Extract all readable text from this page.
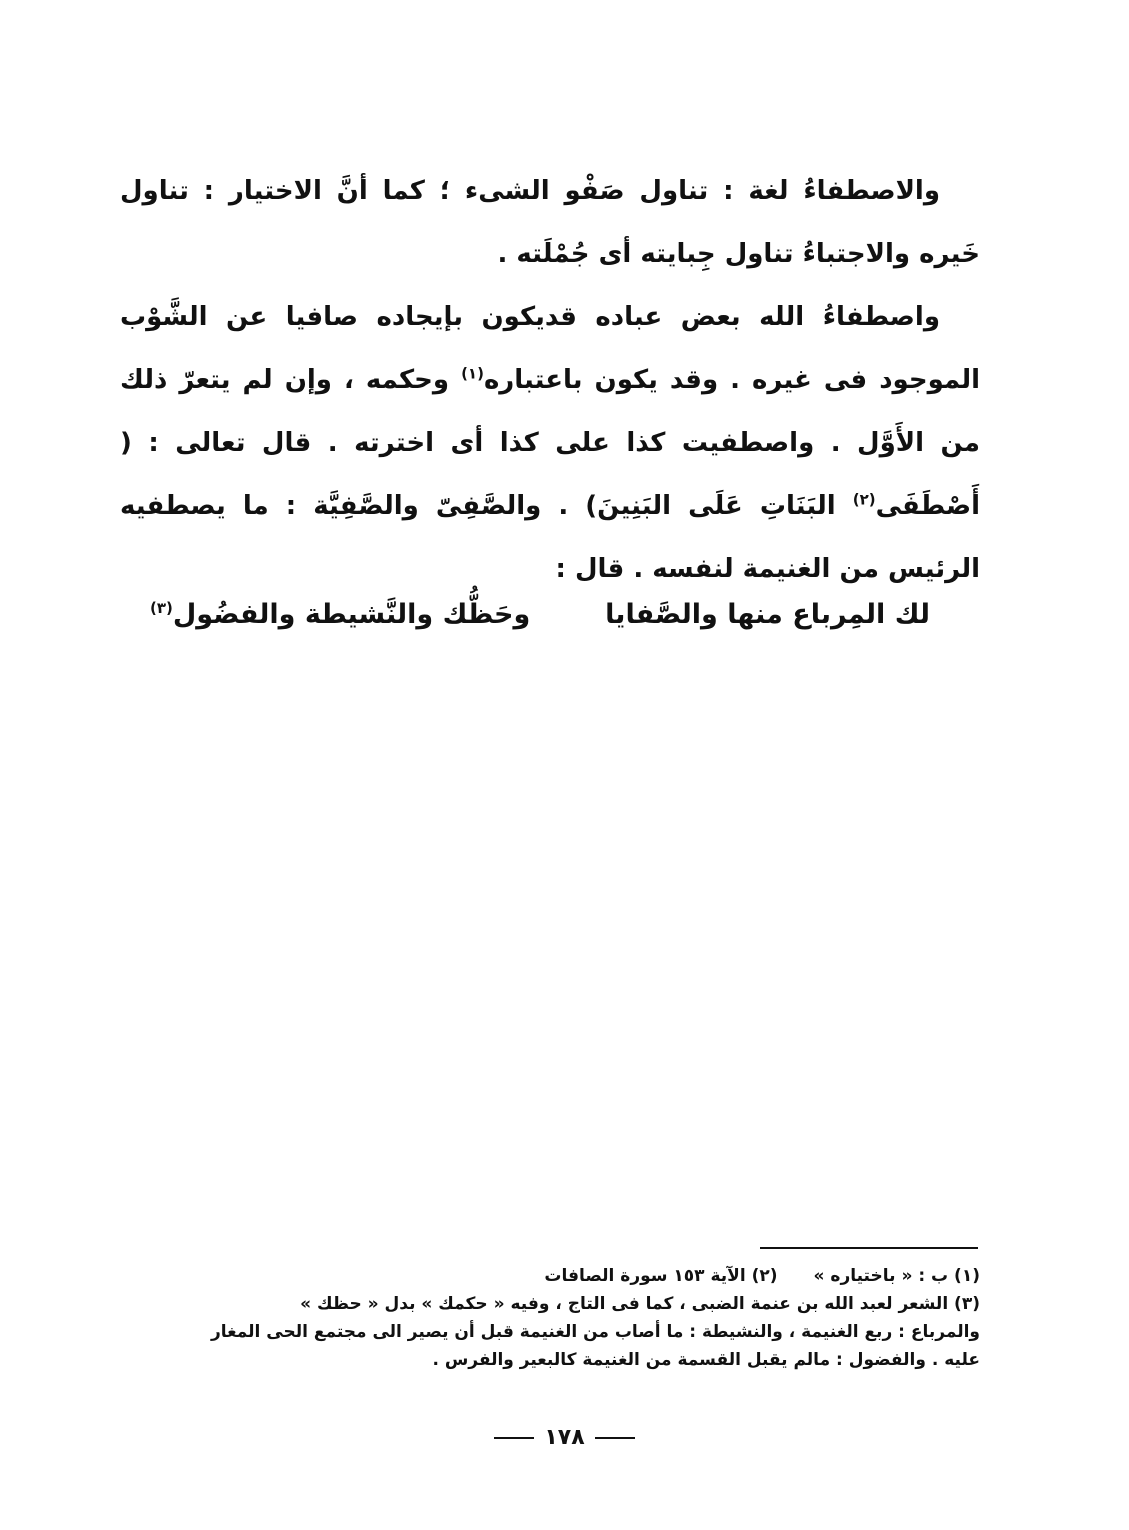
والاصطفاءُ لغة : تناول صَفْو الشىء ؛ كما أنَّ الاختيار : تناول خَيره والاجتباءُ تناول جِبايته أى جُمْلَته .

واصطفاءُ الله بعض عباده قديكون بإيجاده صافيا عن الشَّوْب الموجود فى غيره . وقد يكون باعتباره$^{(١)}$ وحكمه ، وإن لم يتعرّ ذلك من الأَوَّل . واصطفيت كذا على كذا أى اخترته . قال تعالى : ( أَصْطَفَى$^{(٢)}$ البَنَاتِ عَلَى البَنِينَ) . والصَّفِىّ والصَّفِيَّة : ما يصطفيه الرئيس من الغنيمة لنفسه . قال :

لك المِرباع منها والصَّفايا
وحَظُّك والنَّشيطة والفضُول$^{(٣)}$
(١) ب : « باختياره »
(٢) الآية ١٥٣ سورة الصافات

(٣) الشعر لعبد الله بن عنمة الضبى ، كما فى التاج ، وفيه « حكمك » بدل « حظك »

والمرباع : ربع الغنيمة ، والنشيطة : ما أصاب من الغنيمة قبل أن يصير الى مجتمع الحى المغار

عليه . والفضول : مالم يقبل القسمة من الغنيمة كالبعير والفرس .

١٧٨
